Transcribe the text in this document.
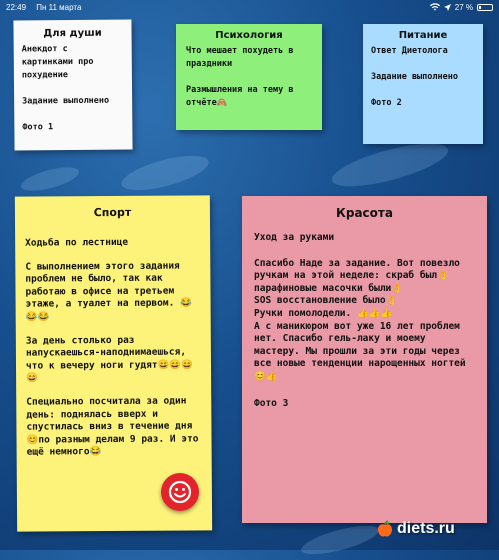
22:49 Пн 11 марта	27 %
Для души

Анекдот с картинками про похудение

Задание выполнено

Фото 1

Психология

Что мешает похудеть в праздники

Размышления на тему в отчёте🙈

Питание

Ответ Диетолога

Задание выполнено

Фото 2

Спорт

Ходьба по лестнице

С выполнением этого задания проблем не было, так как работаю в офисе на третьем этаже, а туалет на первом. 😂😂😂

За день столько раз напускаешься-наподнимаешься, что к вечеру ноги гудят😄😄😄😄

Специально посчитала за один день: поднялась вверх и спустилась вниз в течение дня 😊по разным делам 9 раз. И это ещё немного😂

Красота

Уход за руками

Спасибо Наде за задание. Вот повезло ручкам на этой неделе: скраб был👌
парафиновые масочки были👌
SOS восстановление было👌
Ручки помолодели. 👍👍👍
А с маникюром вот уже 16 лет проблем нет. Спасибо гель-лаку и моему мастеру. Мы прошли за эти годы через все новые тенденции нарощенных ногтей😊👍

Фото 3

diets.ru
